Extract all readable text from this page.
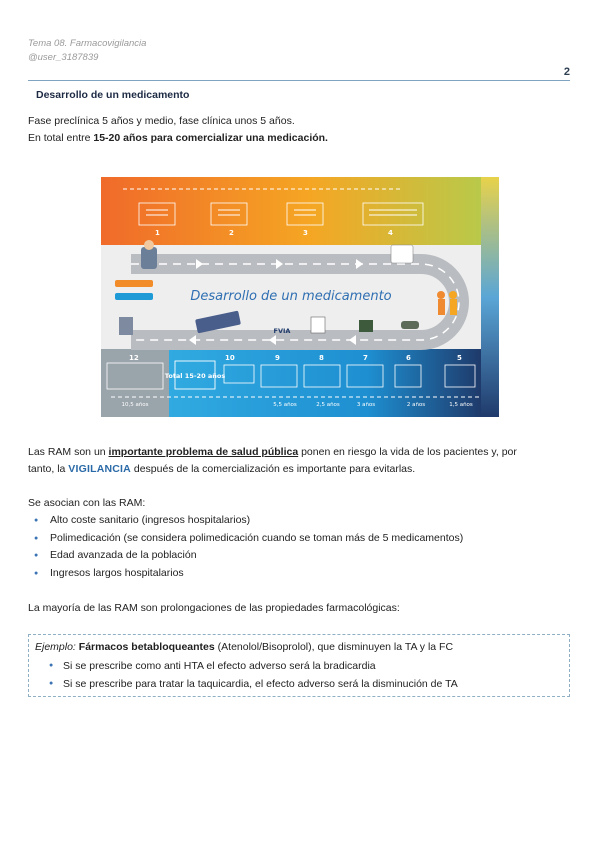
Tema 08. Farmacovigilancia
@user_3187839
2
Desarrollo de un medicamento
Fase preclínica 5 años y medio, fase clínica unos 5 años.
En total entre 15-20 años para comercializar una medicación.
Desarrollo de un medicamento
1	2	3	4
12	10	9	8	7	6	5
Total 15-20 años
FVIA
10,5 años	5,5 años	2,5 años	3 años	2 años	1,5 años
Las RAM son un importante problema de salud pública ponen en riesgo la vida de los pacientes y, por
tanto, la VIGILANCIA después de la comercialización es importante para evitarlas.
Se asocian con las RAM:
● Alto coste sanitario (ingresos hospitalarios)
● Polimedicación (se considera polimedicación cuando se toman más de 5 medicamentos)
● Edad avanzada de la población
● Ingresos largos hospitalarios
La mayoría de las RAM son prolongaciones de las propiedades farmacológicas:
Ejemplo: Fármacos betabloqueantes (Atenolol/Bisoprolol), que disminuyen la TA y la FC
● Si se prescribe como anti HTA el efecto adverso será la bradicardia
● Si se prescribe para tratar la taquicardia, el efecto adverso será la disminución de TA
